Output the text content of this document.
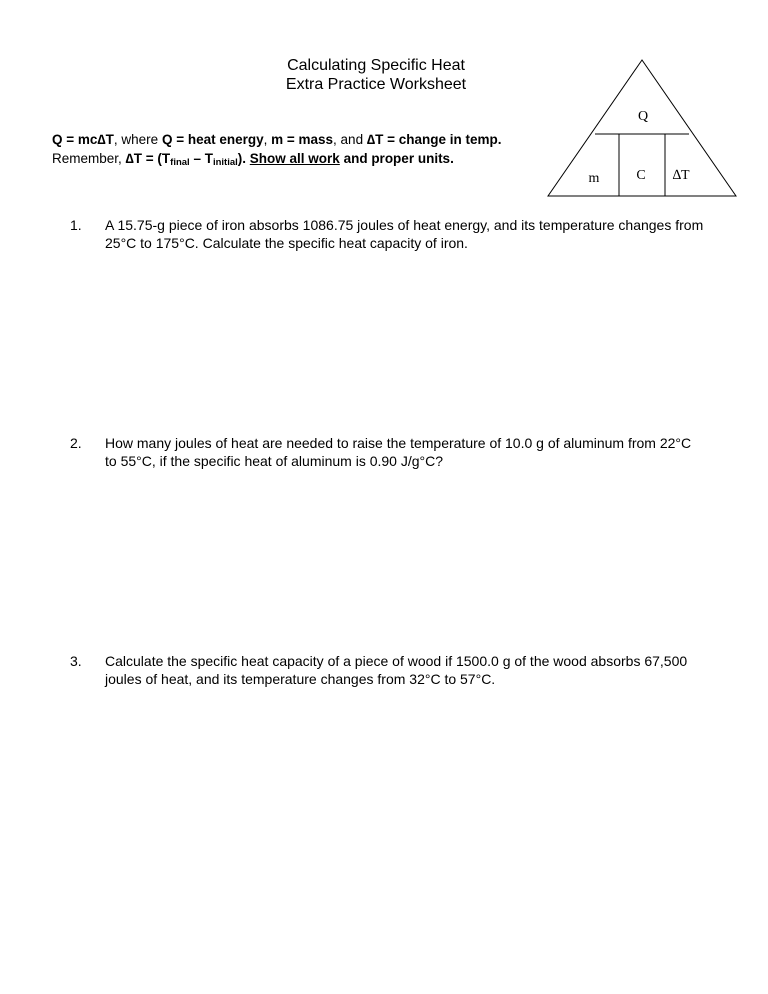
Calculating Specific Heat
Extra Practice Worksheet
Q = mc∆T, where Q = heat energy, m = mass, and ∆T = change in temp.
Remember, ∆T = (Tfinal – Tinitial). Show all work and proper units.
Q
m	C ∆T
1. A 15.75-g piece of iron absorbs 1086.75 joules of heat energy, and its temperature changes from 25°C to 175°C. Calculate the specific heat capacity of iron.
2. How many joules of heat are needed to raise the temperature of 10.0 g of aluminum from 22°C to 55°C, if the specific heat of aluminum is 0.90 J/g°C?
3. Calculate the specific heat capacity of a piece of wood if 1500.0 g of the wood absorbs 67,500 joules of heat, and its temperature changes from 32°C to 57°C.
